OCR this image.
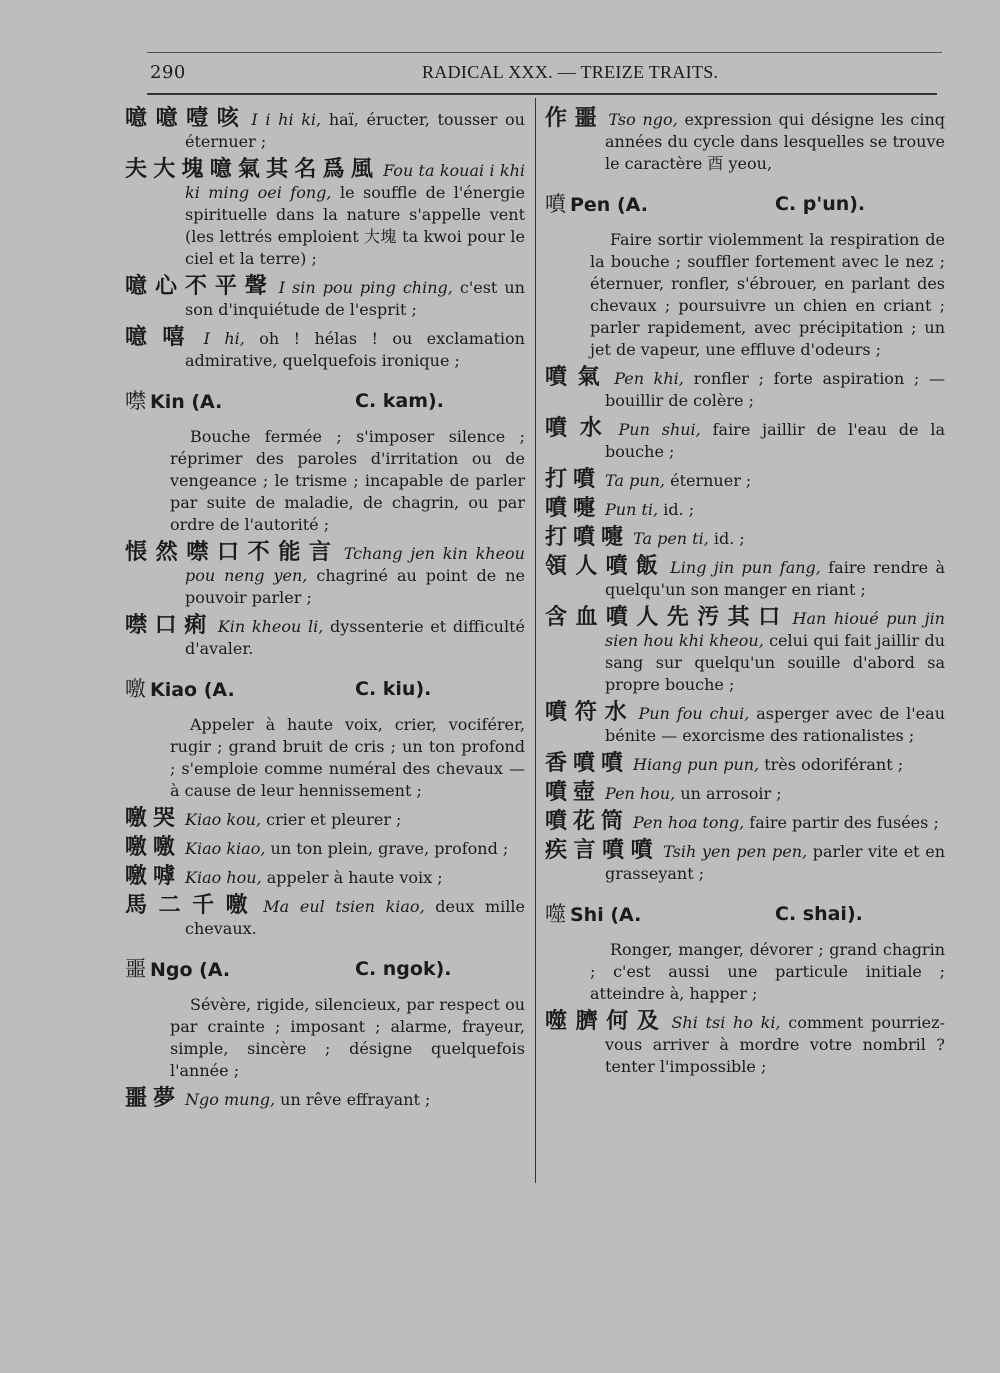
290	RADICAL XXX. — TREIZE TRAITS.

噫噫噎咳 I i hi ki, haï, éructer, tousser ou éternuer ;

夫大塊噫氣其名爲風 Fou ta kouai i khi ki ming oei fong, le souffle de l'énergie spirituelle dans la nature s'appelle vent (les lettrés emploient 大塊 ta kwoi pour le ciel et la terre) ;

噫心不平聲 I sin pou ping ching, c'est un son d'inquiétude de l'esprit ;

噫嘻 I hi, oh ! hélas ! ou exclamation admirative, quelquefois ironique ;

噤 Kin (A.	C. kam).

Bouche fermée ; s'imposer silence ; réprimer des paroles d'irritation ou de vengeance ; le trisme ; incapable de parler par suite de maladie, de chagrin, ou par ordre de l'autorité ;

悵然噤口不能言 Tchang jen kin kheou pou neng yen, chagriné au point de ne pouvoir parler ;

噤口痢 Kin kheou li, dyssenterie et difficulté d'avaler.

噭 Kiao (A.	C. kiu).

Appeler à haute voix, crier, vociférer, rugir ; grand bruit de cris ; un ton profond ; s'emploie comme numéral des chevaux — à cause de leur hennissement ;

噭哭 Kiao kou, crier et pleurer ;

噭噭 Kiao kiao, un ton plein, grave, profond ;

噭嘑 Kiao hou, appeler à haute voix ;

馬二千噭 Ma eul tsien kiao, deux mille chevaux.

噩 Ngo (A.	C. ngok).

Sévère, rigide, silencieux, par respect ou par crainte ; imposant ; alarme, frayeur, simple, sincère ; désigne quelquefois l'année ;

噩夢 Ngo mung, un rêve effrayant ;

作噩 Tso ngo, expression qui désigne les cinq années du cycle dans lesquelles se trouve le caractère 酉 yeou,

噴 Pen (A.	C. p'un).

Faire sortir violemment la respiration de la bouche ; souffler fortement avec le nez ; éternuer, ronfler, s'ébrouer, en parlant des chevaux ; poursuivre un chien en criant ; parler rapidement, avec précipitation ; un jet de vapeur, une effluve d'odeurs ;

噴氣 Pen khi, ronfler ; forte aspiration ; — bouillir de colère ;

噴水 Pun shui, faire jaillir de l'eau de la bouche ;

打噴 Ta pun, éternuer ;

噴嚏 Pun ti, id. ;

打噴嚏 Ta pen ti, id. ;

領人噴飯 Ling jin pun fang, faire rendre à quelqu'un son manger en riant ;

含血噴人先汚其口 Han hioué pun jin sien hou khi kheou, celui qui fait jaillir du sang sur quelqu'un souille d'abord sa propre bouche ;

噴符水 Pun fou chui, asperger avec de l'eau bénite — exorcisme des rationalistes ;

香噴噴 Hiang pun pun, très odoriférant ;

噴壺 Pen hou, un arrosoir ;

噴花筒 Pen hoa tong, faire partir des fusées ;

疾言噴噴 Tsih yen pen pen, parler vite et en grasseyant ;

噬 Shi (A.	C. shai).

Ronger, manger, dévorer ; grand chagrin ; c'est aussi une particule initiale ; atteindre à, happer ;

噬臍何及 Shi tsi ho ki, comment pourriez-vous arriver à mordre votre nombril ? tenter l'impossible ;
